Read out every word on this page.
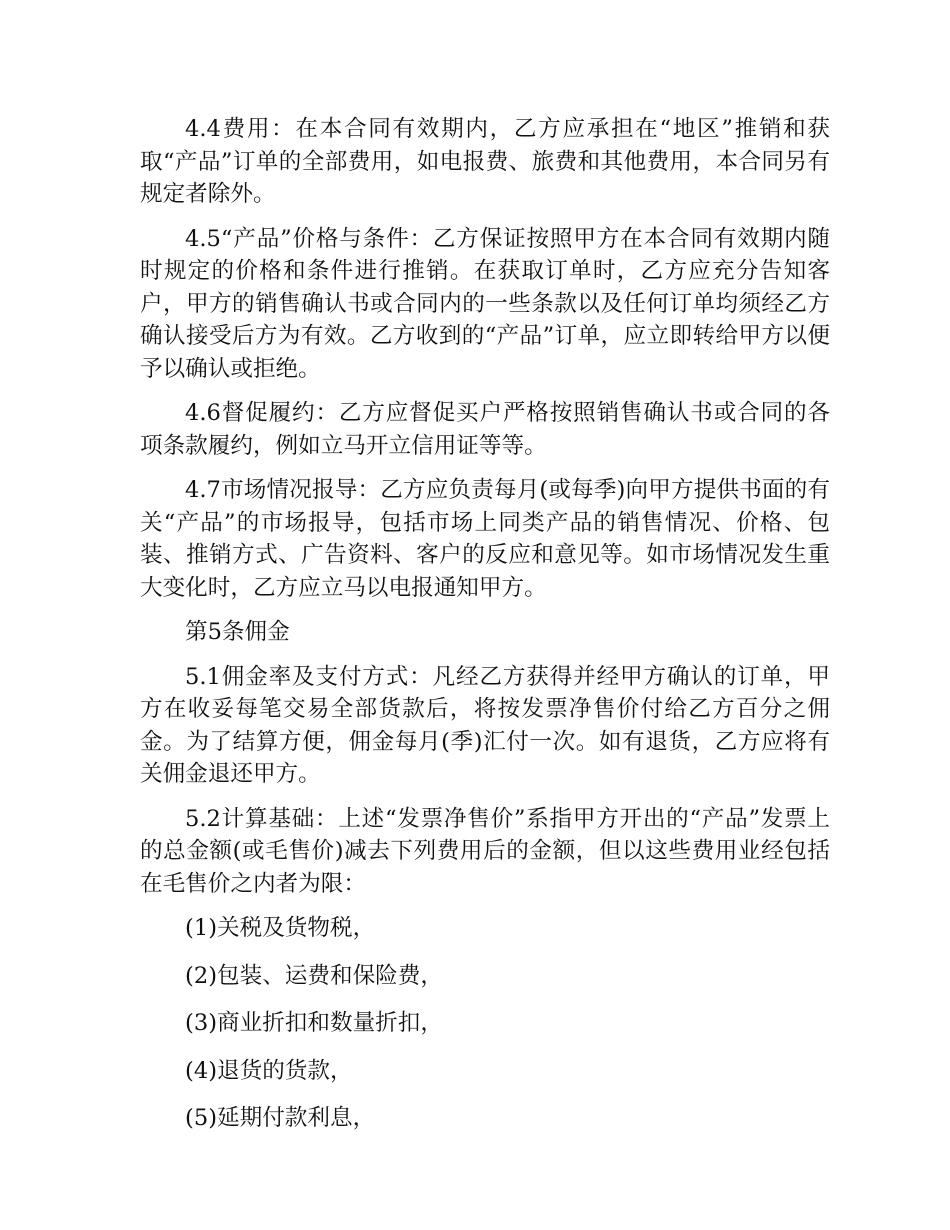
4.4费用：在本合同有效期内，乙方应承担在“地区”推销和获取“产品”订单的全部费用，如电报费、旅费和其他费用，本合同另有规定者除外。

4.5“产品”价格与条件：乙方保证按照甲方在本合同有效期内随时规定的价格和条件进行推销。在获取订单时，乙方应充分告知客户，甲方的销售确认书或合同内的一些条款以及任何订单均须经乙方确认接受后方为有效。乙方收到的“产品”订单，应立即转给甲方以便予以确认或拒绝。

4.6督促履约：乙方应督促买户严格按照销售确认书或合同的各项条款履约，例如立马开立信用证等等。

4.7市场情况报导：乙方应负责每月(或每季)向甲方提供书面的有关“产品”的市场报导，包括市场上同类产品的销售情况、价格、包装、推销方式、广告资料、客户的反应和意见等。如市场情况发生重大变化时，乙方应立马以电报通知甲方。

第5条佣金

5.1佣金率及支付方式：凡经乙方获得并经甲方确认的订单，甲方在收妥每笔交易全部货款后，将按发票净售价付给乙方百分之佣金。为了结算方便，佣金每月(季)汇付一次。如有退货，乙方应将有关佣金退还甲方。

5.2计算基础：上述“发票净售价”系指甲方开出的“产品”发票上的总金额(或毛售价)减去下列费用后的金额，但以这些费用业经包括在毛售价之内者为限：

(1)关税及货物税，

(2)包装、运费和保险费，

(3)商业折扣和数量折扣，

(4)退货的货款，

(5)延期付款利息，
